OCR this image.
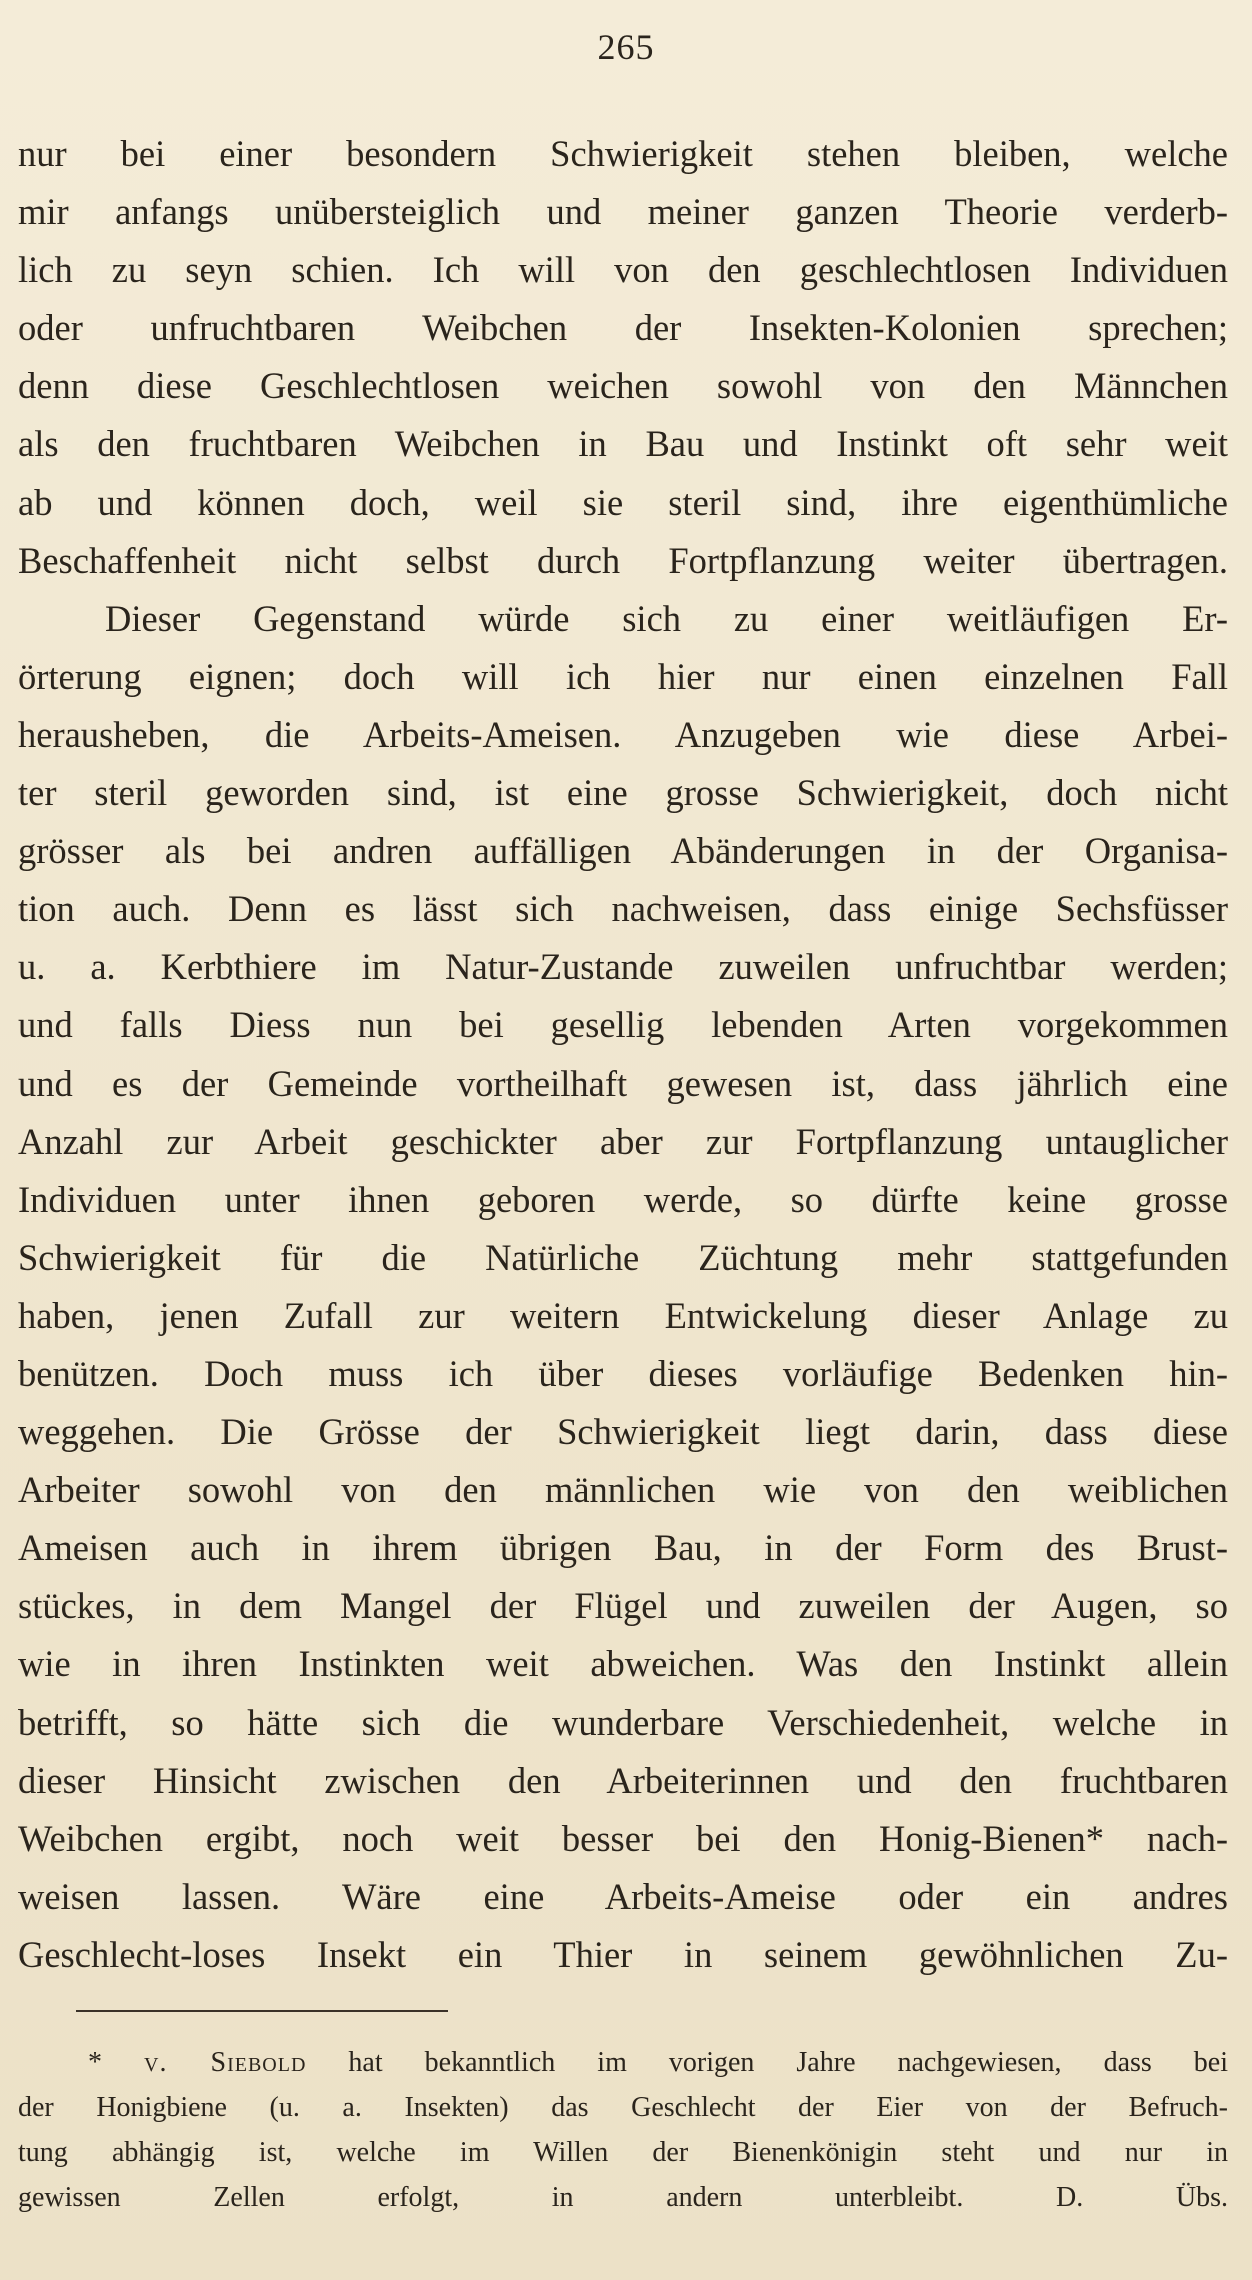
265
nur bei einer besondern Schwierigkeit stehen bleiben, welche
mir anfangs unübersteiglich und meiner ganzen Theorie verderb-
lich zu seyn schien. Ich will von den geschlechtlosen Individuen
oder unfruchtbaren Weibchen der Insekten-Kolonien sprechen;
denn diese Geschlechtlosen weichen sowohl von den Männchen
als den fruchtbaren Weibchen in Bau und Instinkt oft sehr weit
ab und können doch, weil sie steril sind, ihre eigenthümliche
Beschaffenheit nicht selbst durch Fortpflanzung weiter übertragen.
Dieser Gegenstand würde sich zu einer weitläufigen Er-
örterung eignen; doch will ich hier nur einen einzelnen Fall
herausheben, die Arbeits-Ameisen. Anzugeben wie diese Arbei-
ter steril geworden sind, ist eine grosse Schwierigkeit, doch nicht
grösser als bei andren auffälligen Abänderungen in der Organisa-
tion auch. Denn es lässt sich nachweisen, dass einige Sechsfüsser
u. a. Kerbthiere im Natur-Zustande zuweilen unfruchtbar werden;
und falls Diess nun bei gesellig lebenden Arten vorgekommen
und es der Gemeinde vortheilhaft gewesen ist, dass jährlich eine
Anzahl zur Arbeit geschickter aber zur Fortpflanzung untauglicher
Individuen unter ihnen geboren werde, so dürfte keine grosse
Schwierigkeit für die Natürliche Züchtung mehr stattgefunden
haben, jenen Zufall zur weitern Entwickelung dieser Anlage zu
benützen. Doch muss ich über dieses vorläufige Bedenken hin-
weggehen. Die Grösse der Schwierigkeit liegt darin, dass diese
Arbeiter sowohl von den männlichen wie von den weiblichen
Ameisen auch in ihrem übrigen Bau, in der Form des Brust-
stückes, in dem Mangel der Flügel und zuweilen der Augen, so
wie in ihren Instinkten weit abweichen. Was den Instinkt allein
betrifft, so hätte sich die wunderbare Verschiedenheit, welche in
dieser Hinsicht zwischen den Arbeiterinnen und den fruchtbaren
Weibchen ergibt, noch weit besser bei den Honig-Bienen* nach-
weisen lassen. Wäre eine Arbeits-Ameise oder ein andres
Geschlecht-loses Insekt ein Thier in seinem gewöhnlichen Zu-
* v. Siebold hat bekanntlich im vorigen Jahre nachgewiesen, dass bei
der Honigbiene (u. a. Insekten) das Geschlecht der Eier von der Befruch-
tung abhängig ist, welche im Willen der Bienenkönigin steht und nur in
gewissen Zellen erfolgt, in andern unterbleibt.	D. Übs.
